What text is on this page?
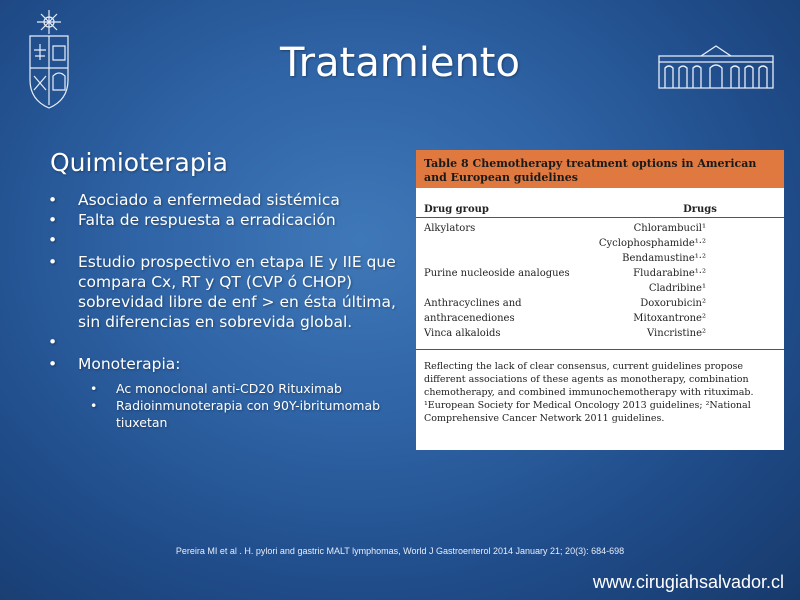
Tratamiento
Quimioterapia
• Asociado a enfermedad sistémica
• Falta de respuesta a erradicación
•
• Estudio prospectivo en etapa IE y IIE que compara Cx, RT y QT (CVP ó CHOP) sobrevidad libre de enf > en ésta última, sin diferencias en sobrevida global.
•
• Monoterapia:
• Ac monoclonal anti-CD20 Rituximab
• Radioinmunoterapia con 90Y-ibritumomab tiuxetan
Table 8 Chemotherapy treatment options in American and European guidelines
Drug group	Drugs
Alkylators	Chlorambucil¹
Cyclophosphamide¹·²
Bendamustine¹·²
Purine nucleoside analogues	Fludarabine¹·²
Cladribine¹
Anthracyclines and	Doxorubicin²
anthracenediones	Mitoxantrone²
Vinca alkaloids	Vincristine²
Reflecting the lack of clear consensus, current guidelines propose different associations of these agents as monotherapy, combination chemotherapy, and combined immunochemotherapy with rituximab. ¹European Society for Medical Oncology 2013 guidelines; ²National Comprehensive Cancer Network 2011 guidelines.
Pereira MI et al . H. pylori and gastric MALT lymphomas, World J Gastroenterol 2014 January 21; 20(3): 684-698
www.cirugiahsalvador.cl
